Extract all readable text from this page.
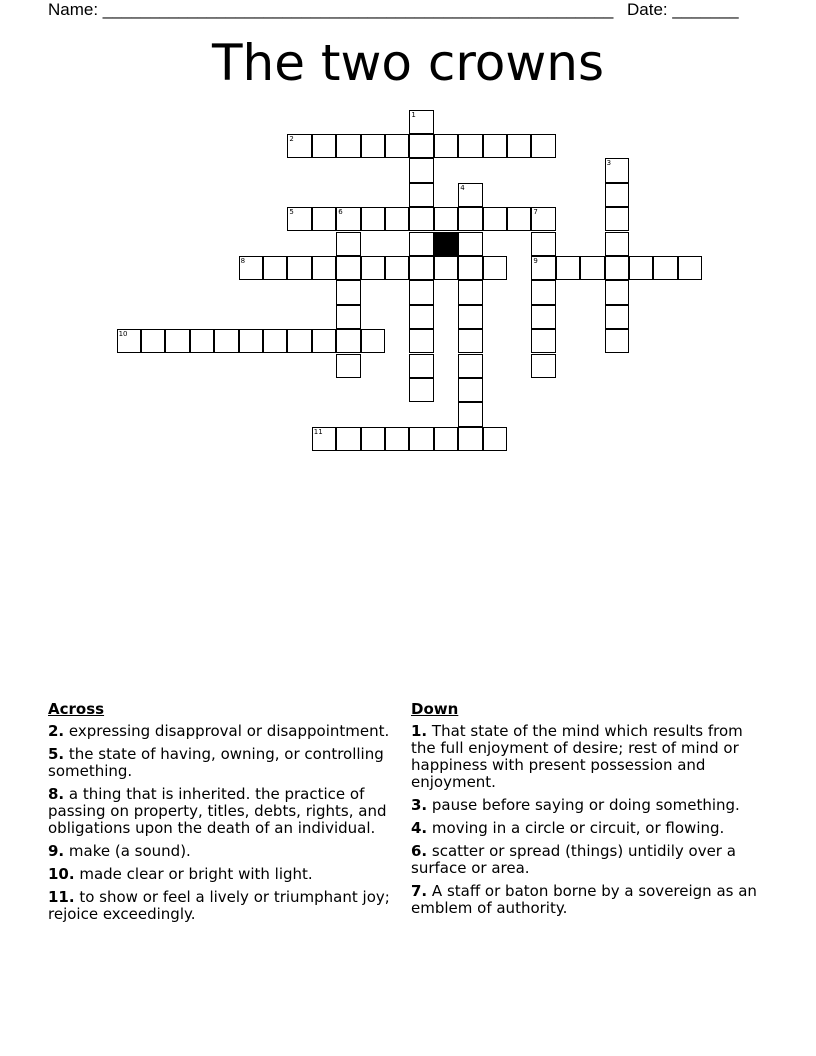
Name: ______________________________________________________ Date: _______
The two crowns
1
2
3
4
5	6	7
9
8
10
11
Across
2. expressing disapproval or disappointment.
5. the state of having, owning, or controlling something.
8. a thing that is inherited. the practice of passing on property, titles, debts, rights, and obligations upon the death of an individual.
9. make (a sound).
10. made clear or bright with light.
11. to show or feel a lively or triumphant joy; rejoice exceedingly.
Down
1. That state of the mind which results from the full enjoyment of desire; rest of mind or happiness with present possession and enjoyment.
3. pause before saying or doing something.
4. moving in a circle or circuit, or flowing.
6. scatter or spread (things) untidily over a surface or area.
7. A staff or baton borne by a sovereign as an emblem of authority.
